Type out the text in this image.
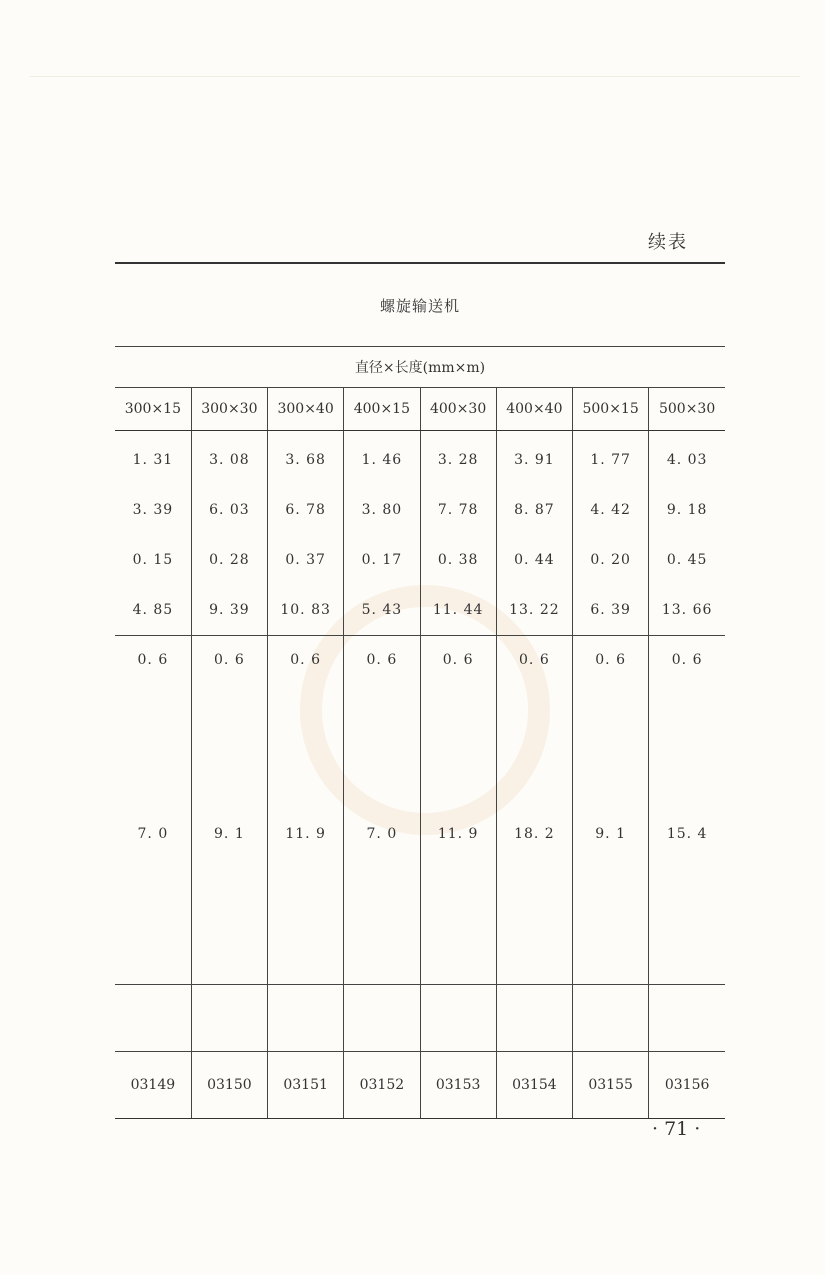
续表
螺旋输送机							
直径×长度(mm×m)							
300×15	300×30	300×40	400×15	400×30	400×40	500×15	500×30
1. 31	3. 08	3. 68	1. 46	3. 28	3. 91	1. 77	4. 03
3. 39	6. 03	6. 78	3. 80	7. 78	8. 87	4. 42	9. 18
0. 15	0. 28	0. 37	0. 17	0. 38	0. 44	0. 20	0. 45
4. 85	9. 39	10. 83	5. 43	11. 44	13. 22	6. 39	13. 66
0. 6	0. 6	0. 6	0. 6	0. 6	0. 6	0. 6	0. 6
7. 0	9. 1	11. 9	7. 0	11. 9	18. 2	9. 1	15. 4

03149	03150	03151	03152	03153	03154	03155	03156
· 71 ·
